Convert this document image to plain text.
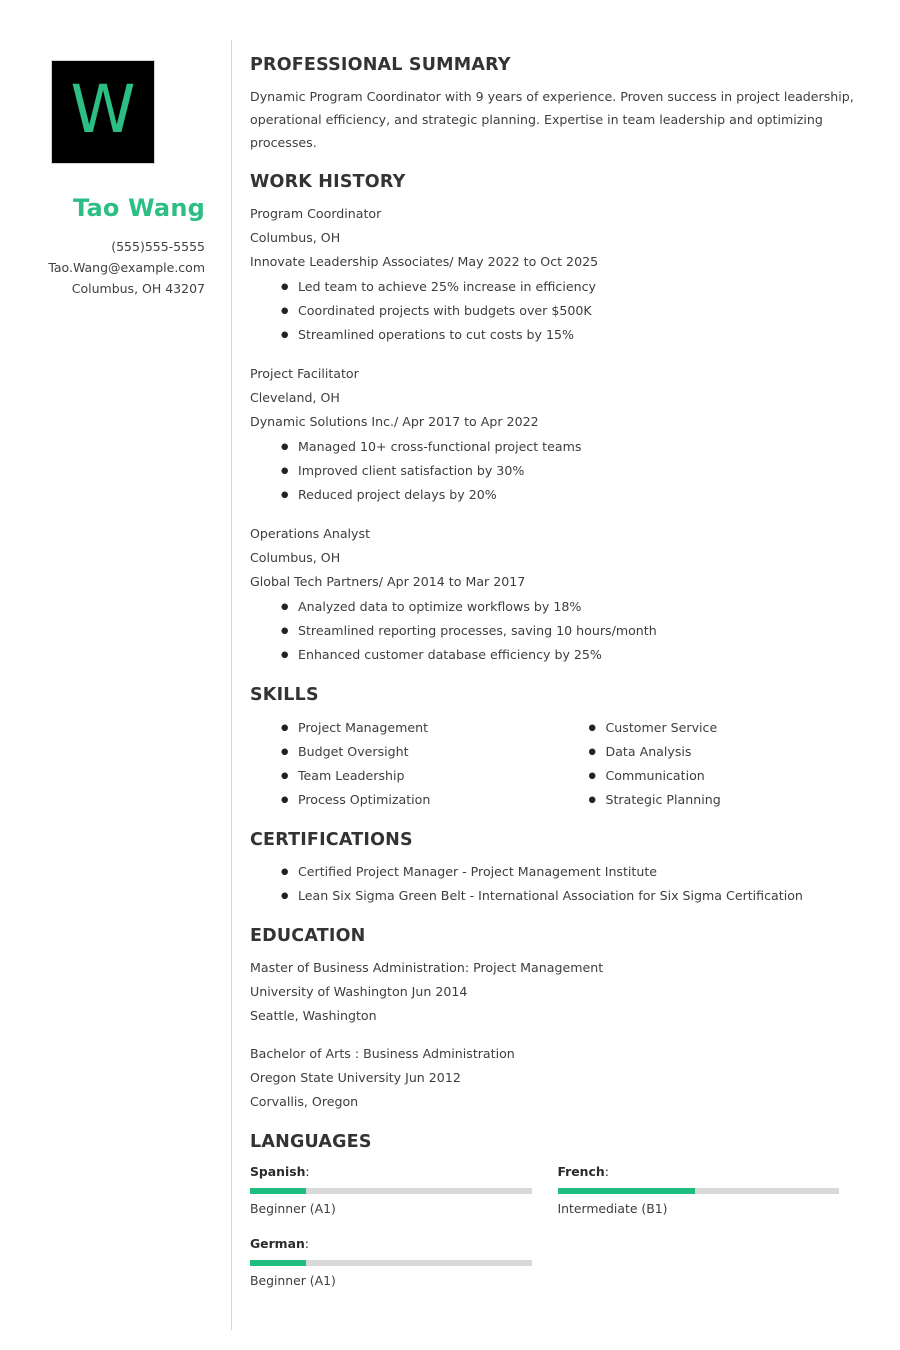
W
Tao Wang
(555)555-5555
Tao.Wang@example.com
Columbus, OH 43207
PROFESSIONAL SUMMARY

Dynamic Program Coordinator with 9 years of experience. Proven success in project leadership, operational efficiency, and strategic planning. Expertise in team leadership and optimizing processes.

WORK HISTORY
Program Coordinator
Columbus, OH
Innovate Leadership Associates/ May 2022 to Oct 2025
● Led team to achieve 25% increase in efficiency
● Coordinated projects with budgets over $500K
● Streamlined operations to cut costs by 15%
Project Facilitator
Cleveland, OH
Dynamic Solutions Inc./ Apr 2017 to Apr 2022
● Managed 10+ cross-functional project teams
● Improved client satisfaction by 30%
● Reduced project delays by 20%
Operations Analyst
Columbus, OH
Global Tech Partners/ Apr 2014 to Mar 2017
● Analyzed data to optimize workflows by 18%
● Streamlined reporting processes, saving 10 hours/month
● Enhanced customer database efficiency by 25%
SKILLS
● Project Management
● Budget Oversight
● Team Leadership
● Process Optimization
● Customer Service
● Data Analysis
● Communication
● Strategic Planning
CERTIFICATIONS
● Certified Project Manager - Project Management Institute
● Lean Six Sigma Green Belt - International Association for Six Sigma Certification
EDUCATION
Master of Business Administration: Project Management
University of Washington Jun 2014
Seattle, Washington
Bachelor of Arts : Business Administration
Oregon State University Jun 2012
Corvallis, Oregon
LANGUAGES
Spanish:
Beginner (A1)
French:
Intermediate (B1)
German:
Beginner (A1)
